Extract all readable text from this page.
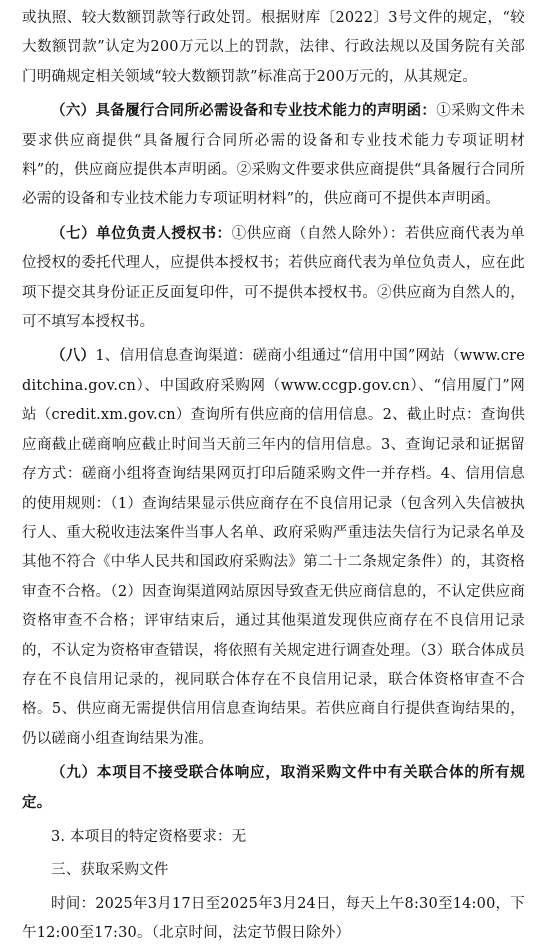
或执照、较大数额罚款等行政处罚。根据财库〔2022〕3号文件的规定，“较大数额罚款”认定为200万元以上的罚款，法律、行政法规以及国务院有关部门明确规定相关领域“较大数额罚款”标准高于200万元的，从其规定。

（六）具备履行合同所必需设备和专业技术能力的声明函：①采购文件未要求供应商提供“具备履行合同所必需的设备和专业技术能力专项证明材料”的，供应商应提供本声明函。②采购文件要求供应商提供“具备履行合同所必需的设备和专业技术能力专项证明材料”的，供应商可不提供本声明函。

（七）单位负责人授权书：①供应商（自然人除外）：若供应商代表为单位授权的委托代理人，应提供本授权书；若供应商代表为单位负责人，应在此项下提交其身份证正反面复印件，可不提供本授权书。②供应商为自然人的，可不填写本授权书。

（八）1、信用信息查询渠道：磋商小组通过“信用中国”网站（www.creditchina.gov.cn）、中国政府采购网（www.ccgp.gov.cn）、“信用厦门”网站（credit.xm.gov.cn）查询所有供应商的信用信息。2、截止时点：查询供应商截止磋商响应截止时间当天前三年内的信用信息。3、查询记录和证据留存方式：磋商小组将查询结果网页打印后随采购文件一并存档。4、信用信息的使用规则：（1）查询结果显示供应商存在不良信用记录（包含列入失信被执行人、重大税收违法案件当事人名单、政府采购严重违法失信行为记录名单及其他不符合《中华人民共和国政府采购法》第二十二条规定条件）的，其资格审查不合格。（2）因查询渠道网站原因导致查无供应商信息的，不认定供应商资格审查不合格；评审结束后，通过其他渠道发现供应商存在不良信用记录的，不认定为资格审查错误，将依照有关规定进行调查处理。（3）联合体成员存在不良信用记录的，视同联合体存在不良信用记录，联合体资格审查不合格。5、供应商无需提供信用信息查询结果。若供应商自行提供查询结果的，仍以磋商小组查询结果为准。

（九）本项目不接受联合体响应，取消采购文件中有关联合体的所有规定。

3. 本项目的特定资格要求：无

三、获取采购文件

时间：2025年3月17日至2025年3月24日，每天上午8:30至14:00，下午12:00至17:30。（北京时间，法定节假日除外）
